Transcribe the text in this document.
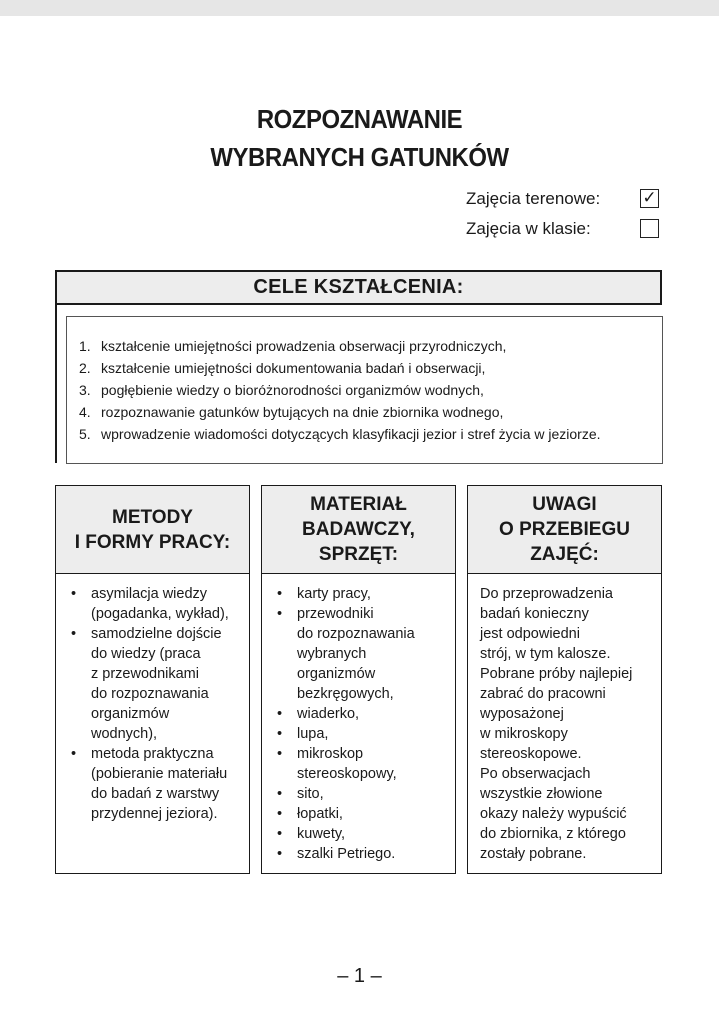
ROZPOZNAWANIE
WYBRANYCH GATUNKÓW
Zajęcia terenowe: ✓
Zajęcia w klasie:
CELE KSZTAŁCENIA:
1. kształcenie umiejętności prowadzenia obserwacji przyrodniczych,
2. kształcenie umiejętności dokumentowania badań i obserwacji,
3. pogłębienie wiedzy o bioróżnorodności organizmów wodnych,
4. rozpoznawanie gatunków bytujących na dnie zbiornika wodnego,
5. wprowadzenie wiadomości dotyczących klasyfikacji jezior i stref życia w jeziorze.
METODY
I FORMY PRACY:
• asymilacja wiedzy
(pogadanka, wykład),
• samodzielne dojście
do wiedzy (praca
z przewodnikami
do rozpoznawania
organizmów
wodnych),
• metoda praktyczna
(pobieranie materiału
do badań z warstwy
przydennej jeziora).
MATERIAŁ
BADAWCZY,
SPRZĘT:
• karty pracy,
• przewodniki
do rozpoznawania
wybranych
organizmów
bezkręgowych,
• wiaderko,
• lupa,
• mikroskop
stereoskopowy,
• sito,
• łopatki,
• kuwety,
• szalki Petriego.
UWAGI
O PRZEBIEGU
ZAJĘĆ:

Do przeprowadzenia
badań konieczny
jest odpowiedni
strój, w tym kalosze.
Pobrane próby najlepiej
zabrać do pracowni
wyposażonej
w mikroskopy
stereoskopowe.
Po obserwacjach
wszystkie złowione
okazy należy wypuścić
do zbiornika, z którego
zostały pobrane.

– 1 –
